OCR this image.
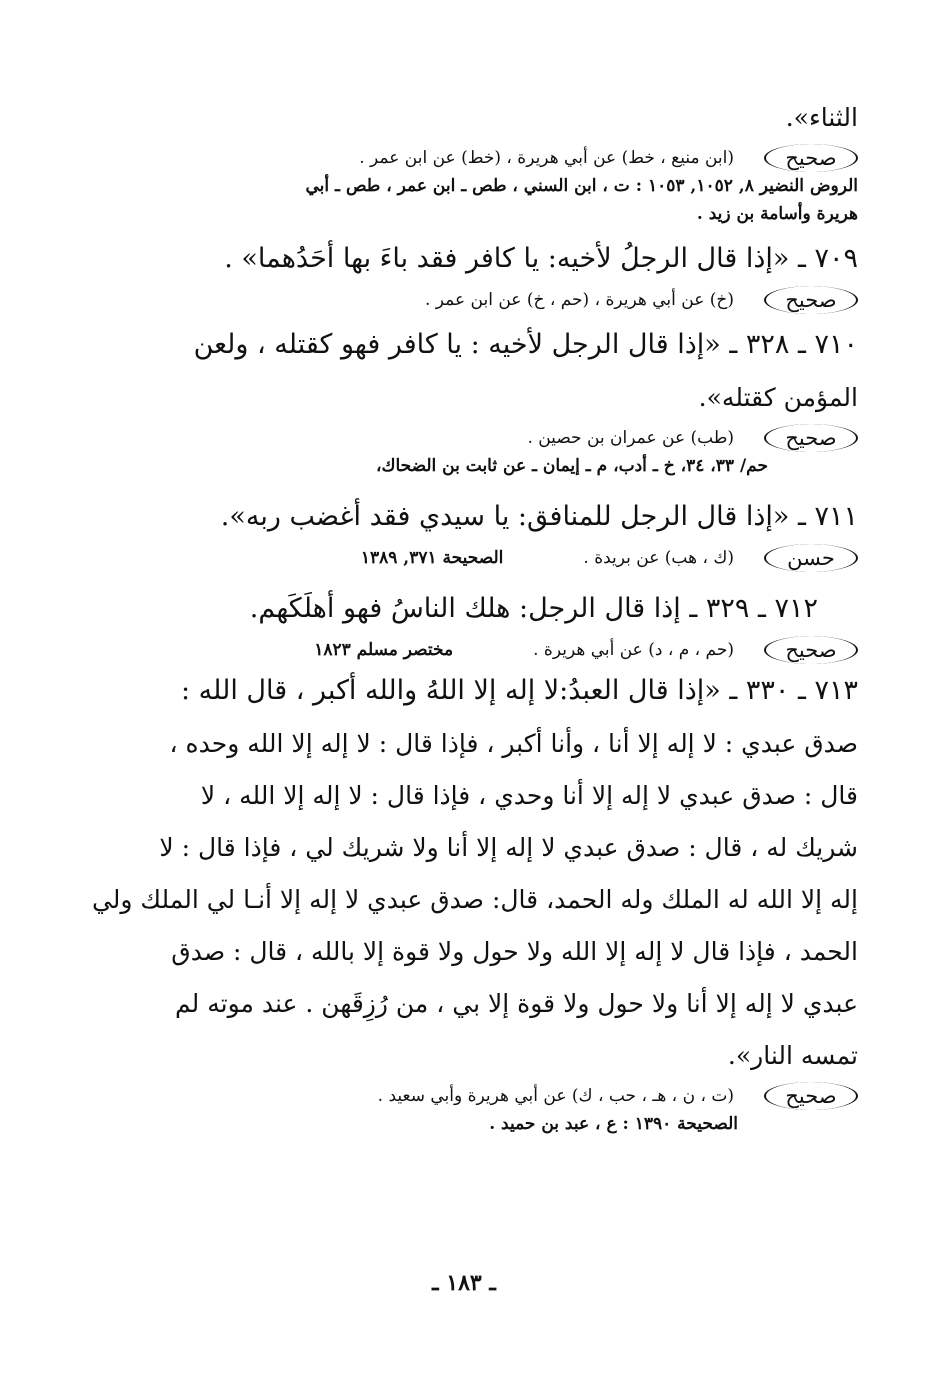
الثناء».
صحيح
(ابن منيع ، خط) عن أبي هريرة ، (خط) عن ابن عمر .
الروض النضير ٨, ١٠٥٢, ١٠٥٣ : ت ، ابن السني ، طص ـ ابن عمر ، طص ـ أبي
هريرة وأسامة بن زيد .
٧٠٩ ـ «إذا قال الرجلُ لأخيه: يا كافر فقد باءَ بها أحَدُهما» .
صحيح
(خ) عن أبي هريرة ، (حم ، خ) عن ابن عمر .
٧١٠ ـ ٣٢٨ ـ «إذا قال الرجل لأخيه : يا كافر فهو كقتله ، ولعن
المؤمن كقتله».
صحيح
(طب) عن عمران بن حصين .
حم/ ٣٣، ٣٤، خ ـ أدب، م ـ إيمان ـ عن ثابت بن الضحاك،
٧١١ ـ «إذا قال الرجل للمنافق: يا سيدي فقد أغضب ربه».
حسن
(ك ، هب) عن بريدة .
الصحيحة ٣٧١, ١٣٨٩
٧١٢ ـ ٣٢٩ ـ إذا قال الرجل: هلك الناسُ فهو أهلَكَهم.
صحيح
(حم ، م ، د) عن أبي هريرة .
مختصر مسلم ١٨٢٣
٧١٣ ـ ٣٣٠ ـ «إذا قال العبدُ:لا إله إلا اللهُ والله أكبر ، قال الله :
صدق عبدي : لا إله إلا أنا ، وأنا أكبر ، فإذا قال : لا إله إلا الله وحده ،
قال : صدق عبدي لا إله إلا أنا وحدي ، فإذا قال : لا إله إلا الله ، لا
شريك له ، قال : صدق عبدي لا إله إلا أنا ولا شريك لي ، فإذا قال : لا
إله إلا الله له الملك وله الحمد، قال: صدق عبدي لا إله إلا أنـا لي الملك ولي
الحمد ، فإذا قال لا إله إلا الله ولا حول ولا قوة إلا بالله ، قال : صدق
عبدي لا إله إلا أنا ولا حول ولا قوة إلا بي ، من رُزِقَهن . عند موته لم
تمسه النار».
صحيح
(ت ، ن ، هـ ، حب ، ك) عن أبي هريرة وأبي سعيد .
الصحيحة ١٣٩٠ : ع ، عبد بن حميد .
ـ ١٨٣ ـ
